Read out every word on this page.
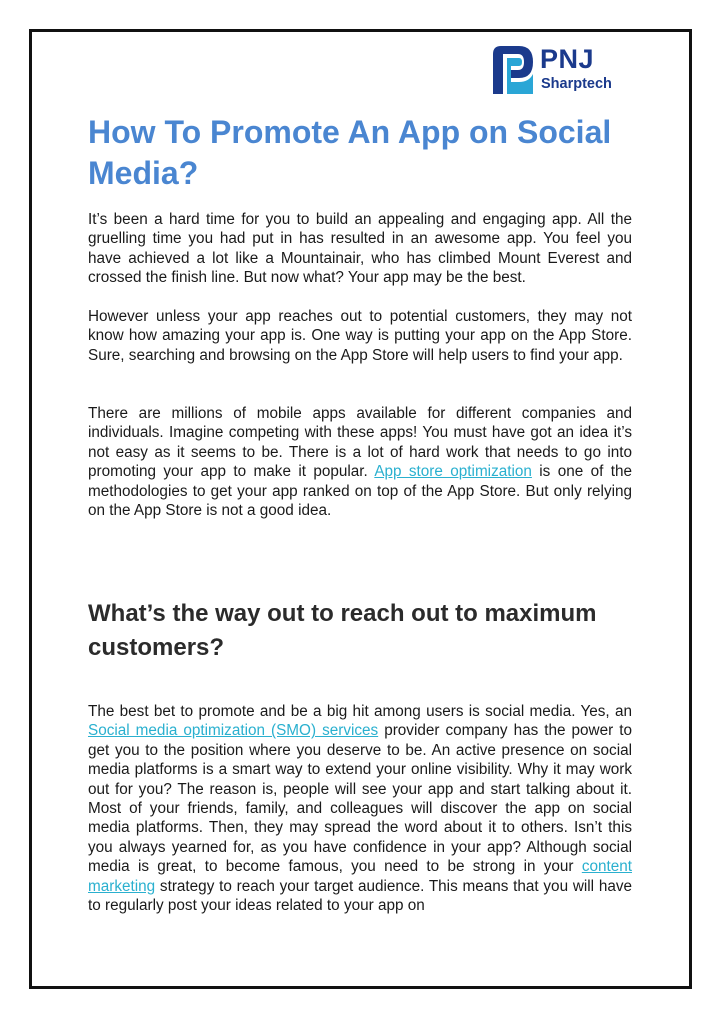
PNJ
Sharptech
How To Promote An App on Social Media?

It’s been a hard time for you to build an appealing and engaging app. All the gruelling time you had put in has resulted in an awesome app. You feel you have achieved a lot like a Mountainair, who has climbed Mount Everest and crossed the finish line. But now what? Your app may be the best.

However unless your app reaches out to potential customers, they may not know how amazing your app is. One way is putting your app on the App Store. Sure, searching and browsing on the App Store will help users to find your app.

There are millions of mobile apps available for different companies and individuals. Imagine competing with these apps! You must have got an idea it’s not easy as it seems to be. There is a lot of hard work that needs to go into promoting your app to make it popular. App store optimization is one of the methodologies to get your app ranked on top of the App Store. But only relying on the App Store is not a good idea.

What’s the way out to reach out to maximum customers?

The best bet to promote and be a big hit among users is social media. Yes, an Social media optimization (SMO) services provider company has the power to get you to the position where you deserve to be. An active presence on social media platforms is a smart way to extend your online visibility. Why it may work out for you? The reason is, people will see your app and start talking about it. Most of your friends, family, and colleagues will discover the app on social media platforms. Then, they may spread the word about it to others. Isn’t this you always yearned for, as you have confidence in your app? Although social media is great, to become famous, you need to be strong in your content marketing strategy to reach your target audience. This means that you will have to regularly post your ideas related to your app on
